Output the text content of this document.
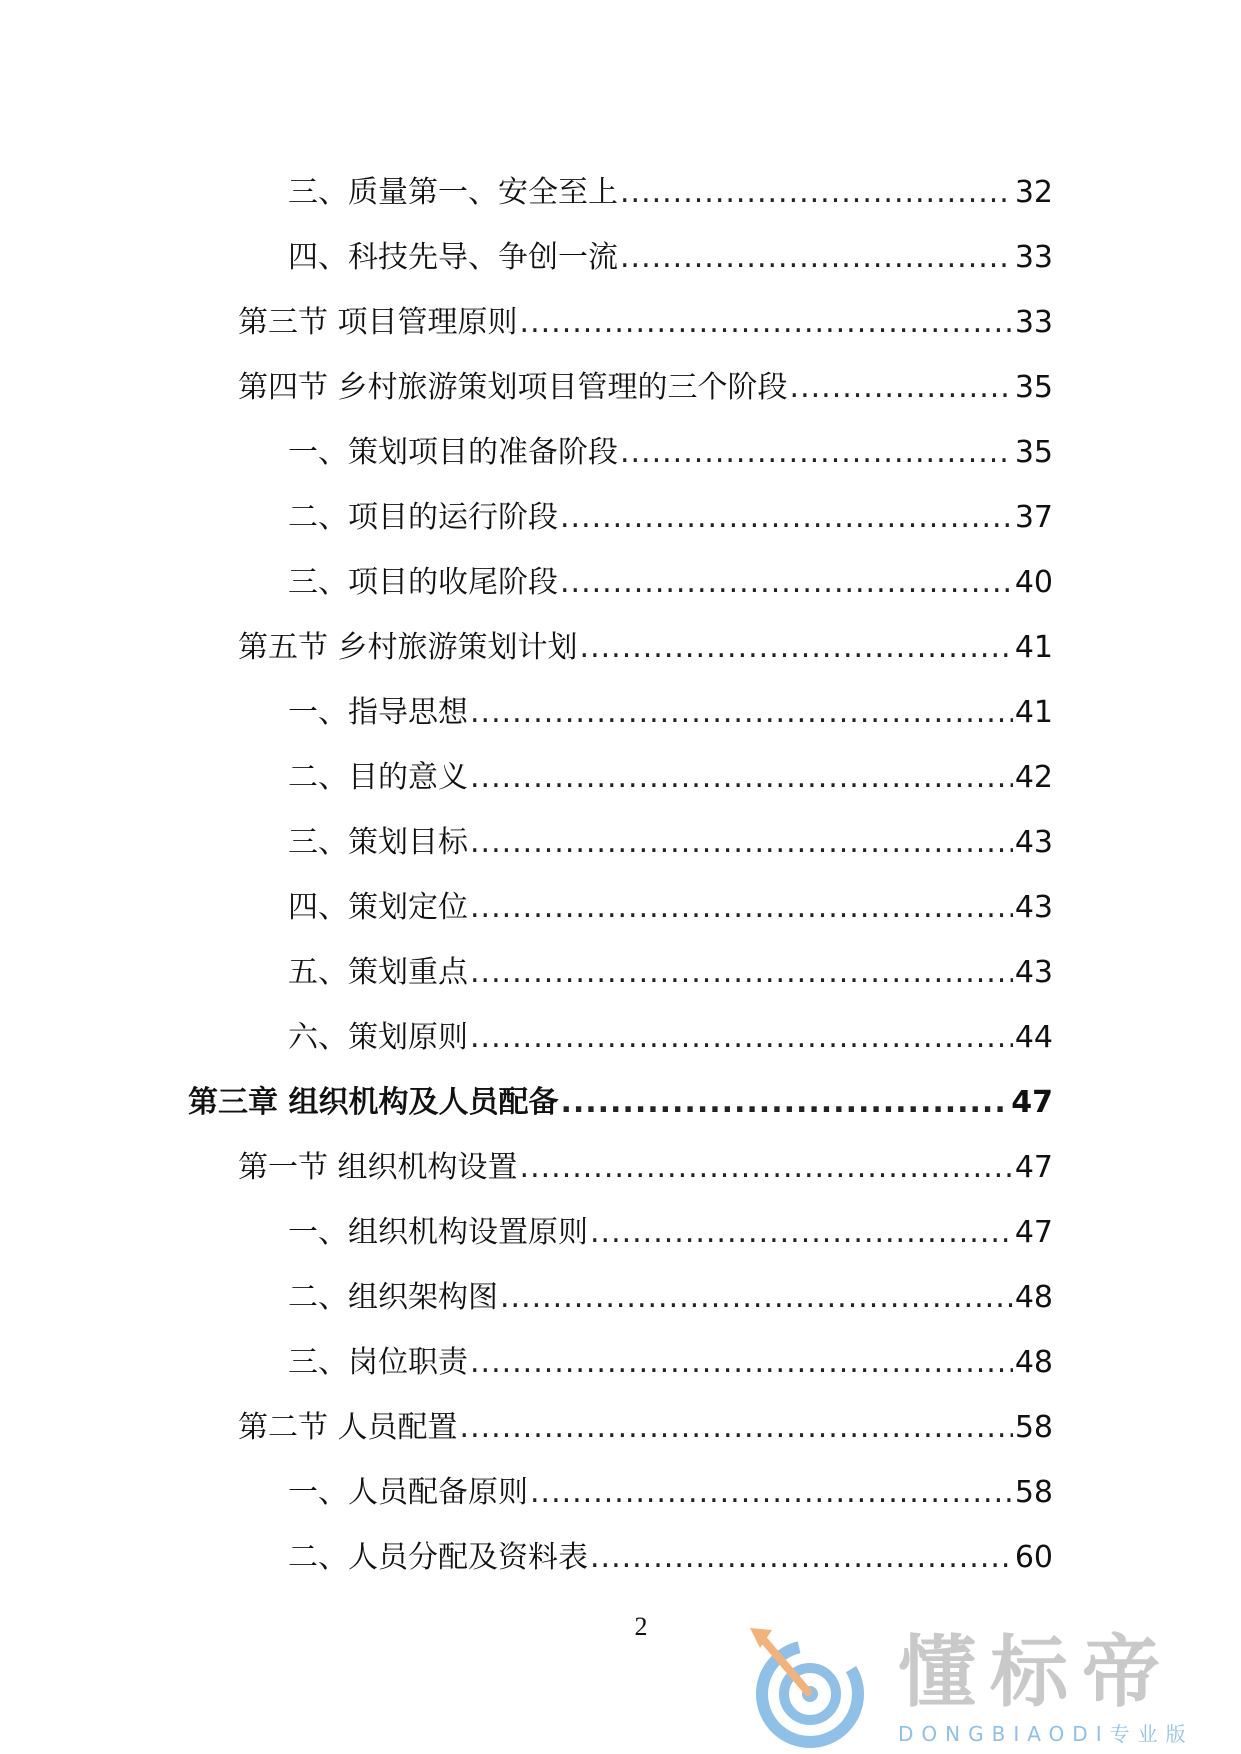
三、质量第一、安全至上 .....	32
四、科技先导、争创一流 .....	33
第三节 项目管理原则 .....	33
第四节 乡村旅游策划项目管理的三个阶段 .....	35
一、策划项目的准备阶段 .....	35
二、项目的运行阶段 .....	37
三、项目的收尾阶段 .....	40
第五节 乡村旅游策划计划 .....	41
一、指导思想 .....	41
二、目的意义 .....	42
三、策划目标 .....	43
四、策划定位 .....	43
五、策划重点 .....	43
六、策划原则 .....	44
第三章 组织机构及人员配备 .....	47
第一节 组织机构设置 .....	47
一、组织机构设置原则 .....	47
二、组织架构图 .....	48
三、岗位职责 .....	48
第二节 人员配置 .....	58
一、人员配备原则 .....	58
二、人员分配及资料表 .....	60
2
懂标帝
DONGBIAODI专业版
